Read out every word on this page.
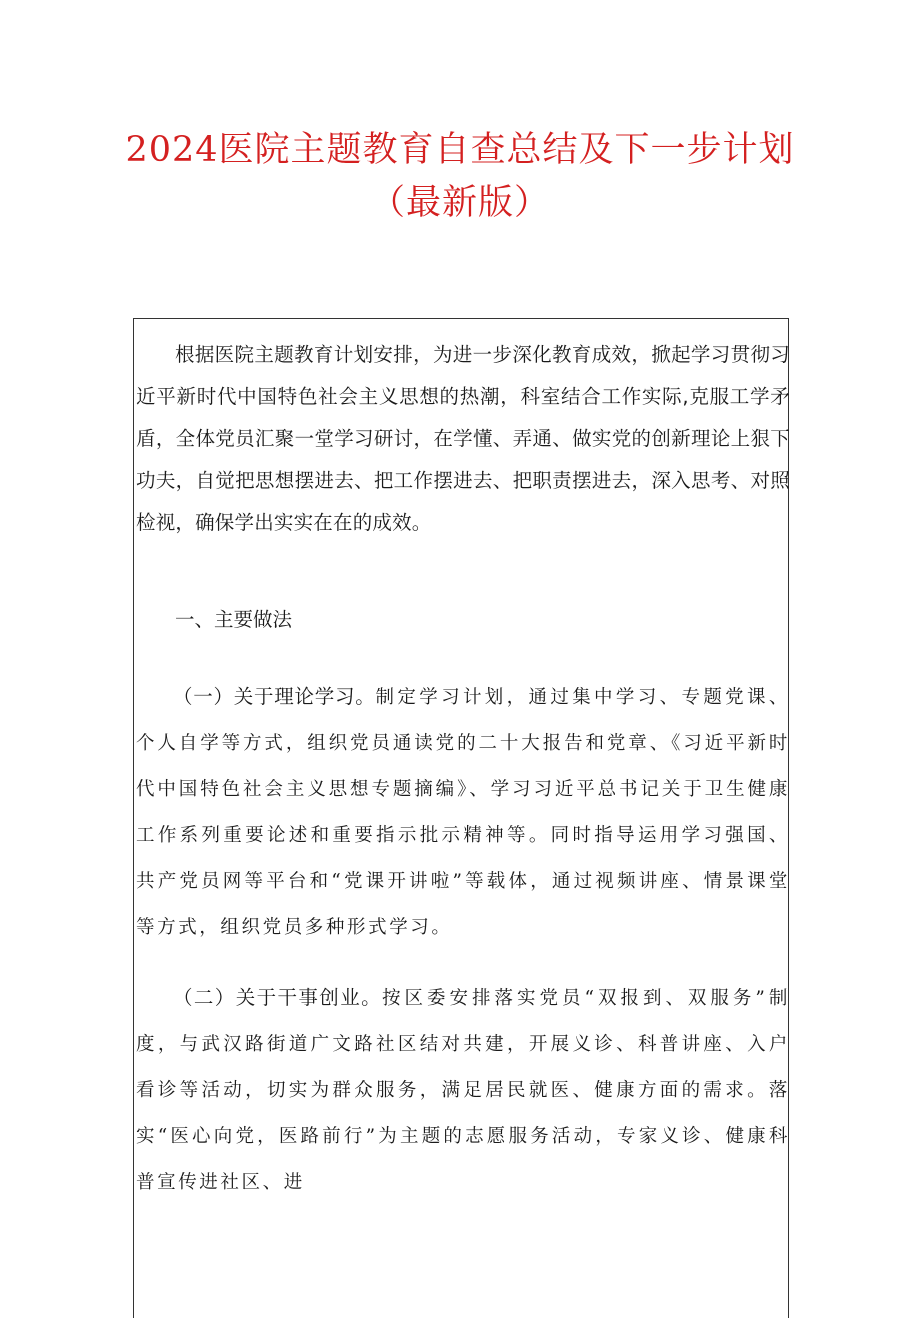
2024医院主题教育自查总结及下一步计划
（最新版）

根据医院主题教育计划安排，为进一步深化教育成效，掀起学习贯彻习近平新时代中国特色社会主义思想的热潮，科室结合工作实际,克服工学矛盾，全体党员汇聚一堂学习研讨，在学懂、弄通、做实党的创新理论上狠下功夫，自觉把思想摆进去、把工作摆进去、把职责摆进去，深入思考、对照检视，确保学出实实在在的成效。

一、主要做法

（一）关于理论学习。制定学习计划，通过集中学习、专题党课、个人自学等方式，组织党员通读党的二十大报告和党章、《习近平新时代中国特色社会主义思想专题摘编》、学习习近平总书记关于卫生健康工作系列重要论述和重要指示批示精神等。同时指导运用学习强国、共产党员网等平台和“党课开讲啦”等载体，通过视频讲座、情景课堂等方式，组织党员多种形式学习。

（二）关于干事创业。按区委安排落实党员“双报到、双服务”制度，与武汉路街道广文路社区结对共建，开展义诊、科普讲座、入户看诊等活动，切实为群众服务，满足居民就医、健康方面的需求。落实“医心向党，医路前行”为主题的志愿服务活动，专家义诊、健康科普宣传进社区、进
